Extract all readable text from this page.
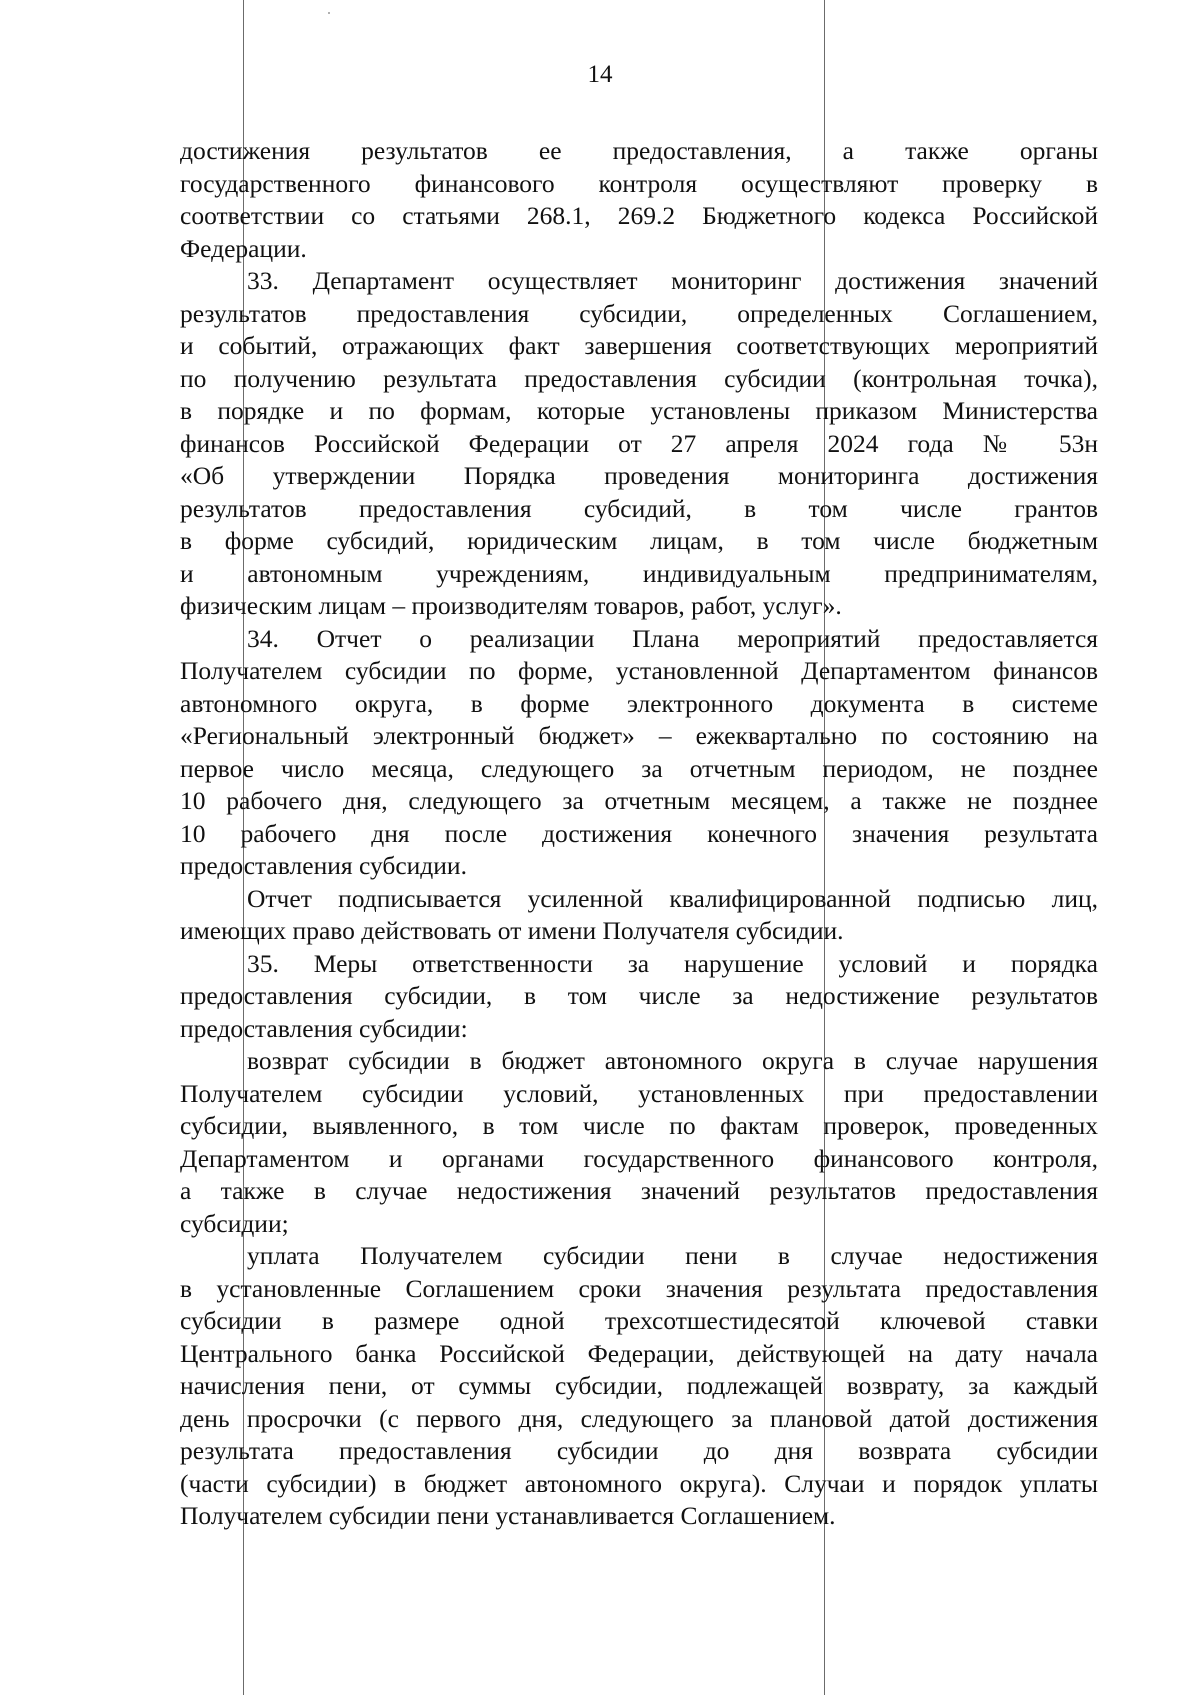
14
достижения результатов ее предоставления, а также органы
государственного финансового контроля осуществляют проверку в
соответствии со статьями 268.1, 269.2 Бюджетного кодекса Российской
Федерации.
33. Департамент осуществляет мониторинг достижения значений
результатов предоставления субсидии, определенных Соглашением,
и событий, отражающих факт завершения соответствующих мероприятий
по получению результата предоставления субсидии (контрольная точка),
в порядке и по формам, которые установлены приказом Министерства
финансов Российской Федерации от 27 апреля 2024 года № 53н
«Об утверждении Порядка проведения мониторинга достижения
результатов предоставления субсидий, в том числе грантов
в форме субсидий, юридическим лицам, в том числе бюджетным
и автономным учреждениям, индивидуальным предпринимателям,
физическим лицам – производителям товаров, работ, услуг».
34. Отчет о реализации Плана мероприятий предоставляется
Получателем субсидии по форме, установленной Департаментом финансов
автономного округа, в форме электронного документа в системе
«Региональный электронный бюджет» – ежеквартально по состоянию на
первое число месяца, следующего за отчетным периодом, не позднее
10 рабочего дня, следующего за отчетным месяцем, а также не позднее
10 рабочего дня после достижения конечного значения результата
предоставления субсидии.
Отчет подписывается усиленной квалифицированной подписью лиц,
имеющих право действовать от имени Получателя субсидии.
35. Меры ответственности за нарушение условий и порядка
предоставления субсидии, в том числе за недостижение результатов
предоставления субсидии:
возврат субсидии в бюджет автономного округа в случае нарушения
Получателем субсидии условий, установленных при предоставлении
субсидии, выявленного, в том числе по фактам проверок, проведенных
Департаментом и органами государственного финансового контроля,
а также в случае недостижения значений результатов предоставления
субсидии;
уплата Получателем субсидии пени в случае недостижения
в установленные Соглашением сроки значения результата предоставления
субсидии в размере одной трехсотшестидесятой ключевой ставки
Центрального банка Российской Федерации, действующей на дату начала
начисления пени, от суммы субсидии, подлежащей возврату, за каждый
день просрочки (с первого дня, следующего за плановой датой достижения
результата предоставления субсидии до дня возврата субсидии
(части субсидии) в бюджет автономного округа). Случаи и порядок уплаты
Получателем субсидии пени устанавливается Соглашением.
